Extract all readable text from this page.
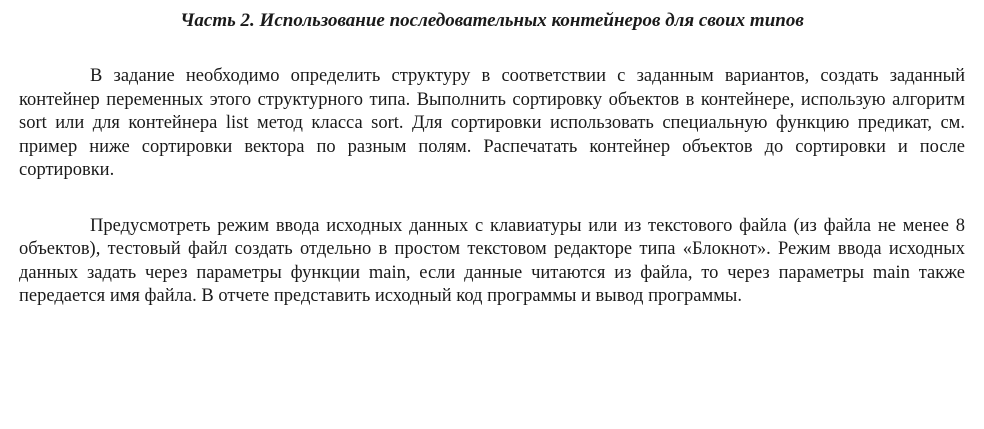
Часть 2. Использование последовательных контейнеров для своих типов

В задание необходимо определить структуру в соответствии с заданным вариантов, создать заданный контейнер переменных этого структурного типа. Выполнить сортировку объектов в контейнере, использую алгоритм sort или для контейнера list метод класса sort. Для сортировки использовать специальную функцию предикат, см. пример ниже сортировки вектора по разным полям. Распечатать контейнер объектов до сортировки и после сортировки.

Предусмотреть режим ввода исходных данных с клавиатуры или из текстового файла (из файла не менее 8 объектов), тестовый файл создать отдельно в простом текстовом редакторе типа «Блокнот». Режим ввода исходных данных задать через параметры функции main, если данные читаются из файла, то через параметры main также передается имя файла. В отчете представить исходный код программы и вывод программы.
